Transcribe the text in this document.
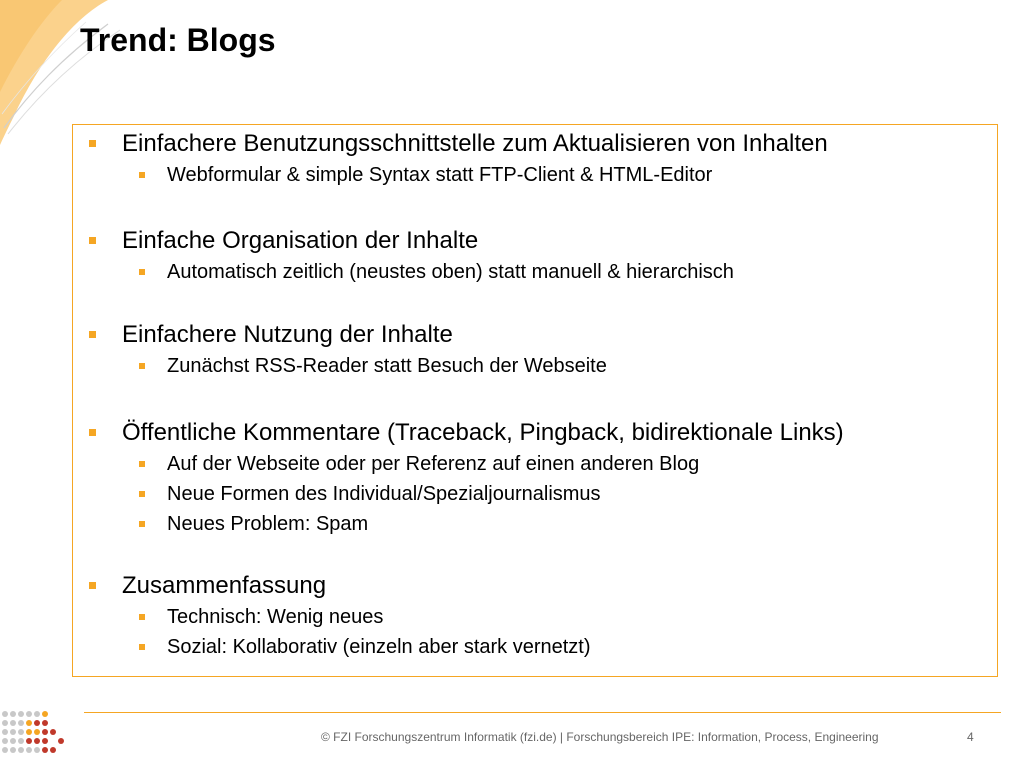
Trend: Blogs
Einfachere Benutzungsschnittstelle zum Aktualisieren von Inhalten
Webformular & simple Syntax statt FTP-Client & HTML-Editor
Einfache Organisation der Inhalte
Automatisch zeitlich (neustes oben) statt manuell & hierarchisch
Einfachere Nutzung der Inhalte
Zunächst RSS-Reader statt Besuch der Webseite
Öffentliche Kommentare (Traceback, Pingback, bidirektionale Links)
Auf der Webseite oder per Referenz auf einen anderen Blog
Neue Formen des Individual/Spezialjournalismus
Neues Problem: Spam
Zusammenfassung
Technisch: Wenig neues
Sozial: Kollaborativ (einzeln aber stark vernetzt)
© FZI Forschungszentrum Informatik (fzi.de) | Forschungsbereich IPE: Information, Process, Engineering	4
